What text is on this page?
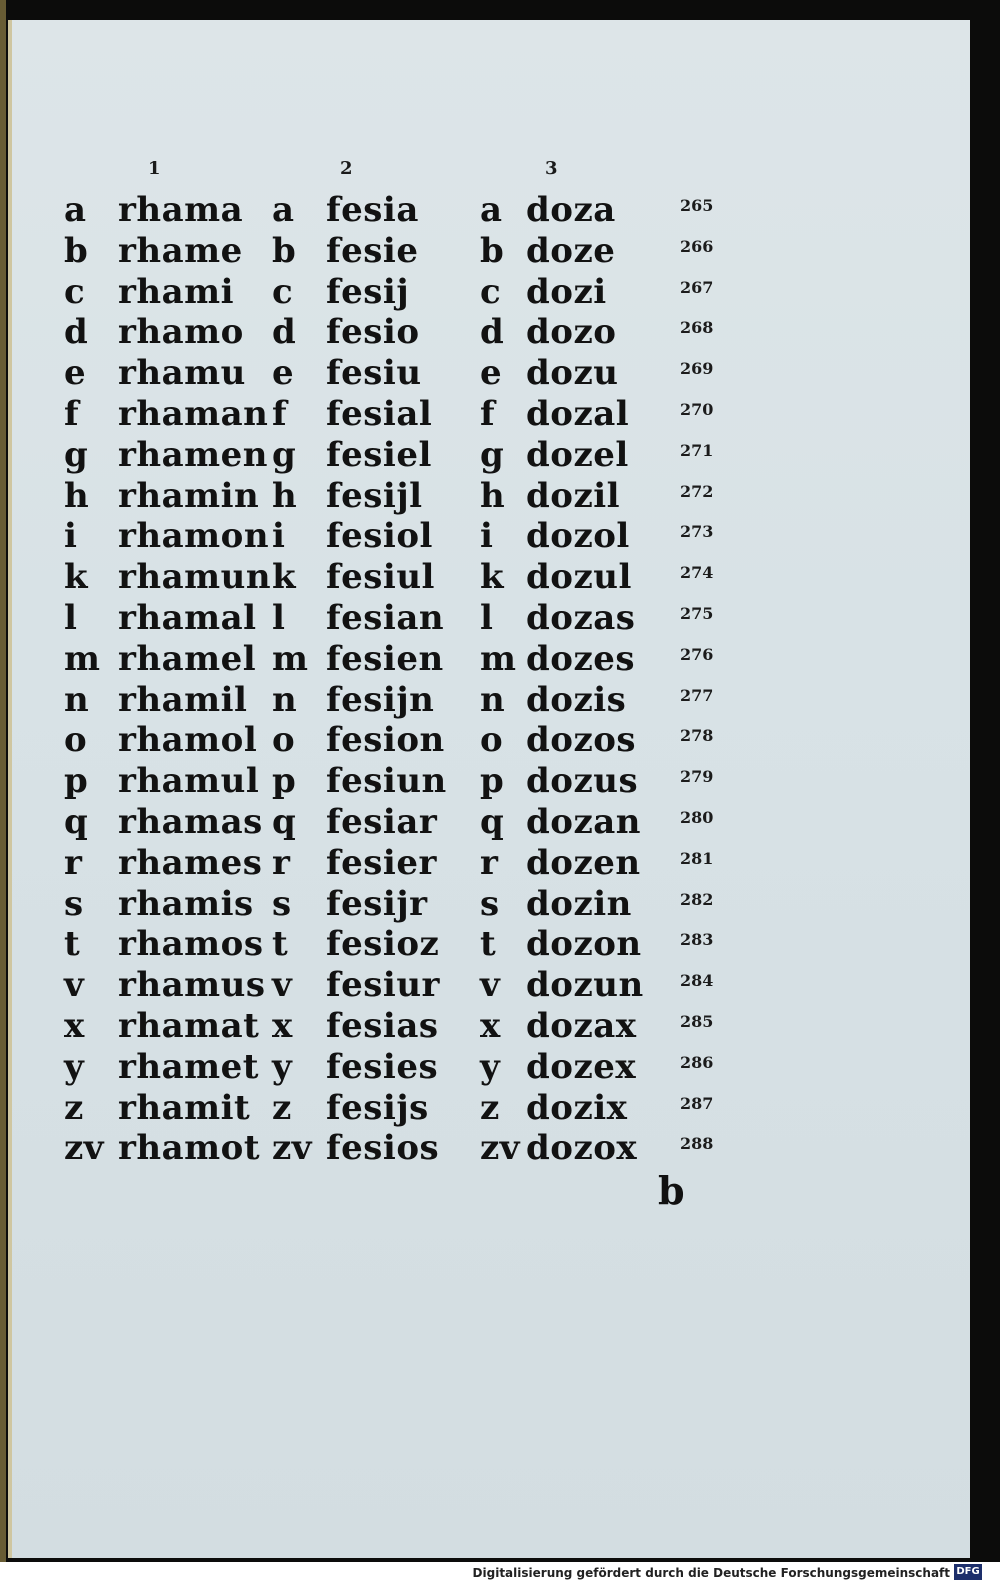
1	2	3
a rhama a fesia a doza	265
b rhame b fesie b doze	266
c rhami c fesij c dozi	267
d rhamo d fesio d dozo	268
e rhamu e fesiu e dozu	269
f rhaman f fesial f dozal	270
g rhamen g fesiel g dozel	271
h rhamin h fesijl h dozil	272
i rhamon i fesiol i dozol	273
k rhamun k fesiul k dozul	274
l rhamal l fesian l dozas	275
m rhamel m fesien m dozes	276
n rhamil n fesijn n dozis	277
o rhamol o fesion o dozos	278
p rhamul p fesiun p dozus	279
q rhamas q fesiar q dozan 280
r rhames r fesier r dozen 281
s rhamis s fesijr s dozin	282
t rhamos t fesioz t dozon 283
v rhamus v fesiur v dozun 284
x rhamat x fesias x dozax	285
y rhamet y fesies y dozex	286
z rhamit z fesijs z dozix	287
zv rhamot zv fesios zv dozox	288
b
Digitalisierung gefördert durch die Deutsche Forschungsgemeinschaft DFG
